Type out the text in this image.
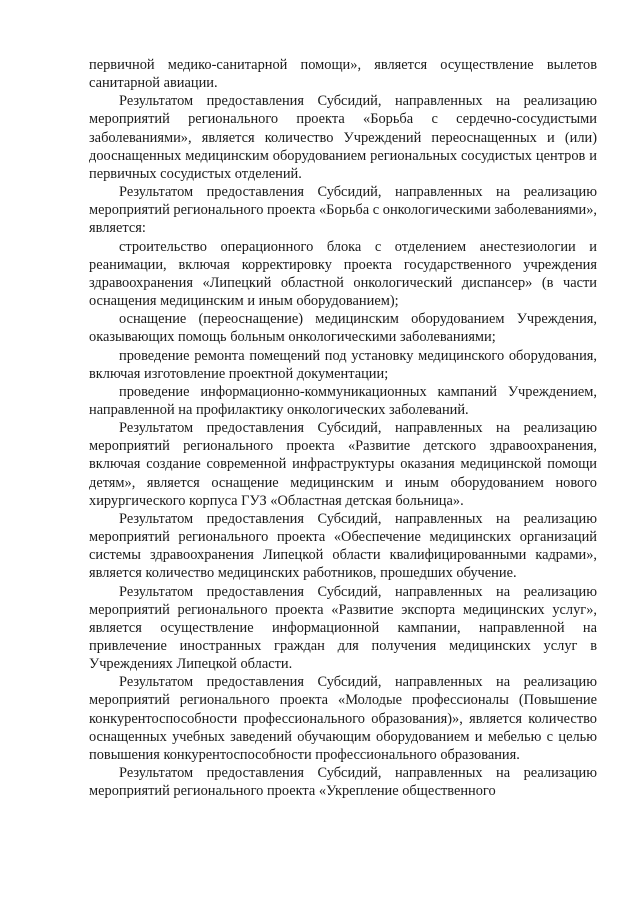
первичной медико-санитарной помощи», является осуществление вылетов санитарной авиации.

Результатом предоставления Субсидий, направленных на реализацию мероприятий регионального проекта «Борьба с сердечно-сосудистыми заболеваниями», является количество Учреждений переоснащенных и (или) дооснащенных медицинским оборудованием региональных сосудистых центров и первичных сосудистых отделений.

Результатом предоставления Субсидий, направленных на реализацию мероприятий регионального проекта «Борьба с онкологическими заболеваниями», является:

строительство операционного блока с отделением анестезиологии и реанимации, включая корректировку проекта государственного учреждения здравоохранения «Липецкий областной онкологический диспансер» (в части оснащения медицинским и иным оборудованием);

оснащение (переоснащение) медицинским оборудованием Учреждения, оказывающих помощь больным онкологическими заболеваниями;

проведение ремонта помещений под установку медицинского оборудования, включая изготовление проектной документации;

проведение информационно-коммуникационных кампаний Учреждением, направленной на профилактику онкологических заболеваний.

Результатом предоставления Субсидий, направленных на реализацию мероприятий регионального проекта «Развитие детского здравоохранения, включая создание современной инфраструктуры оказания медицинской помощи детям», является оснащение медицинским и иным оборудованием нового хирургического корпуса ГУЗ «Областная детская больница».

Результатом предоставления Субсидий, направленных на реализацию мероприятий регионального проекта «Обеспечение медицинских организаций системы здравоохранения Липецкой области квалифицированными кадрами», является количество медицинских работников, прошедших обучение.

Результатом предоставления Субсидий, направленных на реализацию мероприятий регионального проекта «Развитие экспорта медицинских услуг», является осуществление информационной кампании, направленной на привлечение иностранных граждан для получения медицинских услуг в Учреждениях Липецкой области.

Результатом предоставления Субсидий, направленных на реализацию мероприятий регионального проекта «Молодые профессионалы (Повышение конкурентоспособности профессионального образования)», является количество оснащенных учебных заведений обучающим оборудованием и мебелью с целью повышения конкурентоспособности профессионального образования.

Результатом предоставления Субсидий, направленных на реализацию мероприятий регионального проекта «Укрепление общественного
